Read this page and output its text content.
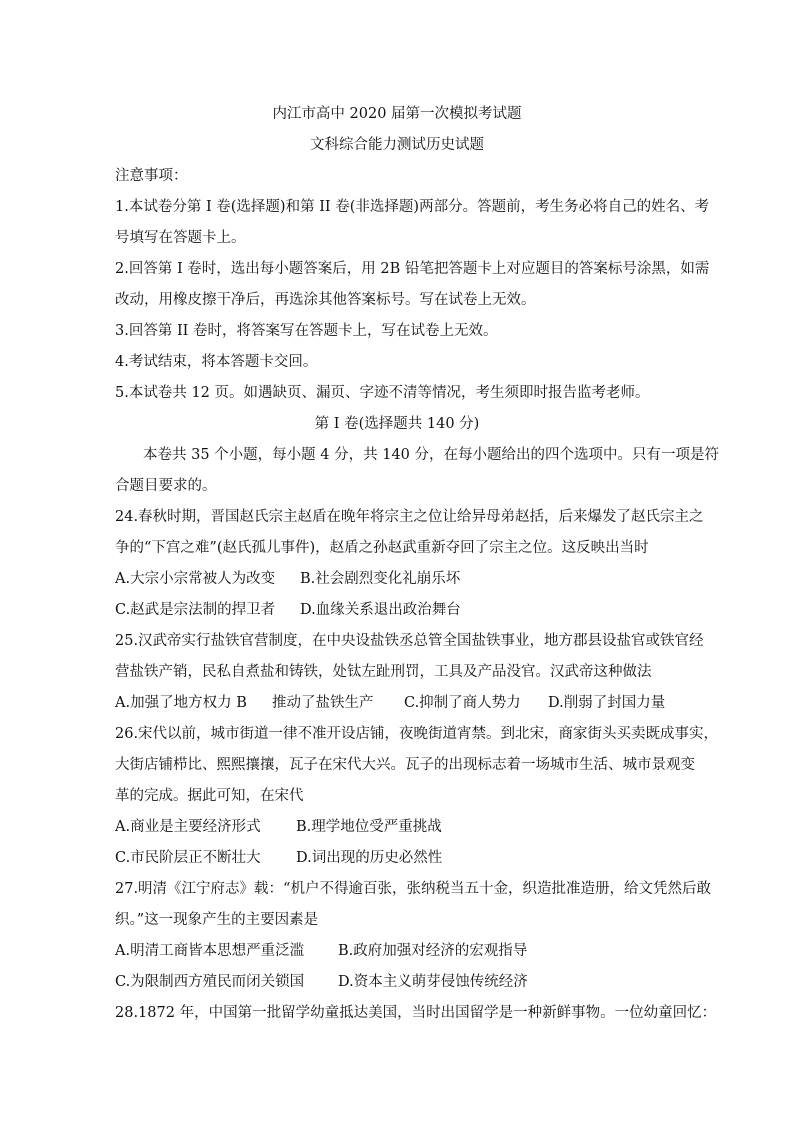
内江市高中 2020 届第一次模拟考试题
文科综合能力测试历史试题
注意事项：
1.本试卷分第 I 卷(选择题)和第 II 卷(非选择题)两部分。答题前，考生务必将自己的姓名、考
号填写在答题卡上。
2.回答第 I 卷时，选出每小题答案后，用 2B 铅笔把答题卡上对应题目的答案标号涂黑，如需
改动，用橡皮擦干净后，再选涂其他答案标号。写在试卷上无效。
3.回答第 II 卷时，将答案写在答题卡上，写在试卷上无效。
4.考试结束，将本答题卡交回。
5.本试卷共 12 页。如遇缺页、漏页、字迹不清等情况，考生须即时报告监考老师。
第 I 卷(选择题共 140 分)
本卷共 35 个小题，每小题 4 分，共 140 分，在每小题给出的四个选项中。只有一项是符
合题目要求的。
24.春秋时期，晋国赵氏宗主赵盾在晚年将宗主之位让给异母弟赵括，后来爆发了赵氏宗主之
争的“下宫之难”(赵氏孤儿事件)，赵盾之孙赵武重新夺回了宗主之位。这反映出当时
A.大宗小宗常被人为改变 B.社会剧烈变化礼崩乐坏
C.赵武是宗法制的捍卫者 D.血缘关系退出政治舞台
25.汉武帝实行盐铁官营制度，在中央设盐铁丞总管全国盐铁事业，地方郡县设盐官或铁官经
营盐铁产销，民私自煮盐和铸铁，处钛左趾刑罚，工具及产品没官。汉武帝这种做法
A.加强了地方权力 B 推动了盐铁生产 C.抑制了商人势力 D.削弱了封国力量
26.宋代以前，城市街道一律不准开设店铺，夜晚街道宵禁。到北宋，商家街头买卖既成事实，
大街店铺栉比、熙熙攘攘，瓦子在宋代大兴。瓦子的出现标志着一场城市生活、城市景观变
革的完成。据此可知，在宋代
A.商业是主要经济形式 B.理学地位受严重挑战
C.市民阶层正不断壮大 D.词出现的历史必然性
27.明清《江宁府志》载：“机户不得逾百张，张纳税当五十金，织造批准造册，给文凭然后敢
织。”这一现象产生的主要因素是
A.明清工商皆本思想严重泛滥 B.政府加强对经济的宏观指导
C.为限制西方殖民而闭关锁国 D.资本主义萌芽侵蚀传统经济
28.1872 年，中国第一批留学幼童抵达美国，当时出国留学是一种新鲜事物。一位幼童回忆：
